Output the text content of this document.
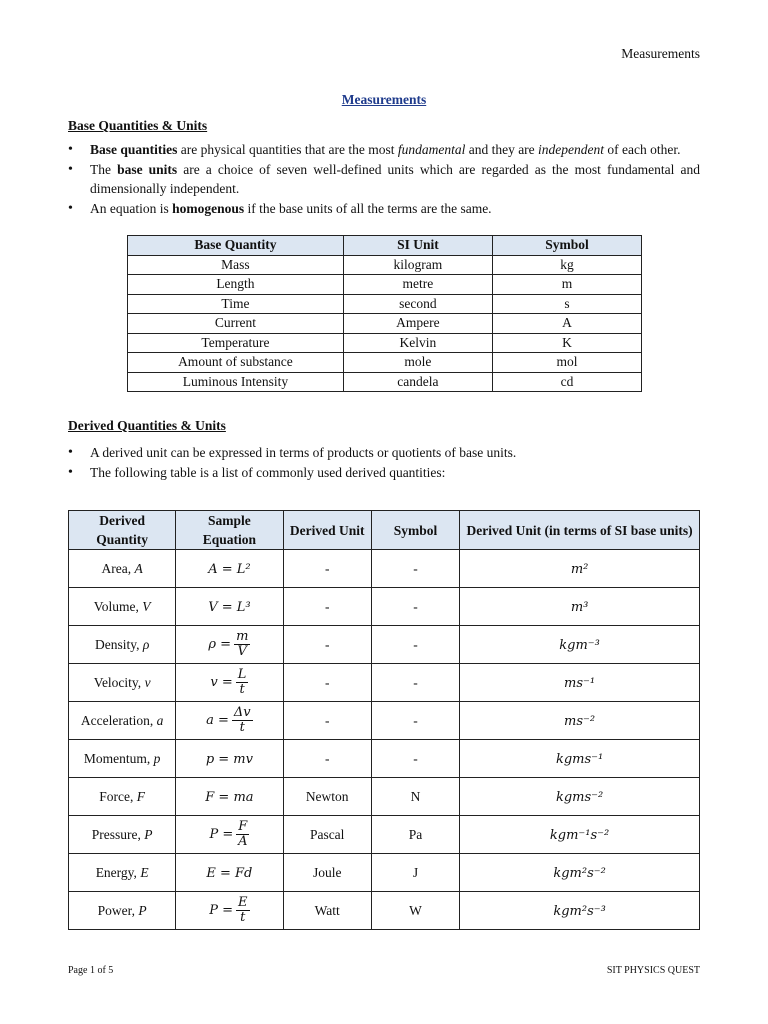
Measurements
Measurements
Base Quantities & Units
• Base quantities are physical quantities that are the most fundamental and they are independent of each other.
• The base units are a choice of seven well-defined units which are regarded as the most fundamental and dimensionally independent.
• An equation is homogenous if the base units of all the terms are the same.
Base Quantity	SI Unit	Symbol
Mass	kilogram	kg
Length	metre	m
Time	second	s
Current	Ampere	A
Temperature	Kelvin	K
Amount of substance	mole	mol
Luminous Intensity	candela	cd
Derived Quantities & Units
• A derived unit can be expressed in terms of products or quotients of base units.
• The following table is a list of commonly used derived quantities:
Derived Quantity	Sample Equation	Derived Unit	Symbol	Derived Unit (in terms of SI base units)
Area, A	A = L²	-	-	m²
Volume, V	V = L³	-	-	m³
Density, ρ	$\rho = \frac{m}{V}$	-	-	kgm⁻³
Velocity, v	$v = \frac{L}{t}$	-	-	ms⁻¹
Acceleration, a	$a = \frac{\Delta v}{t}$	-	-	ms⁻²
Momentum, p	p = mv	-	-	kgms⁻¹
Force, F	F = ma	Newton	N	kgms⁻²
Pressure, P	$P = \frac{F}{A}$	Pascal	Pa	kgm⁻¹s⁻²
Energy, E	E = Fd	Joule	J	kgm²s⁻²
Power, P	$P = \frac{E}{t}$	Watt	W	kgm²s⁻³
Page 1 of 5	SIT PHYSICS QUEST
